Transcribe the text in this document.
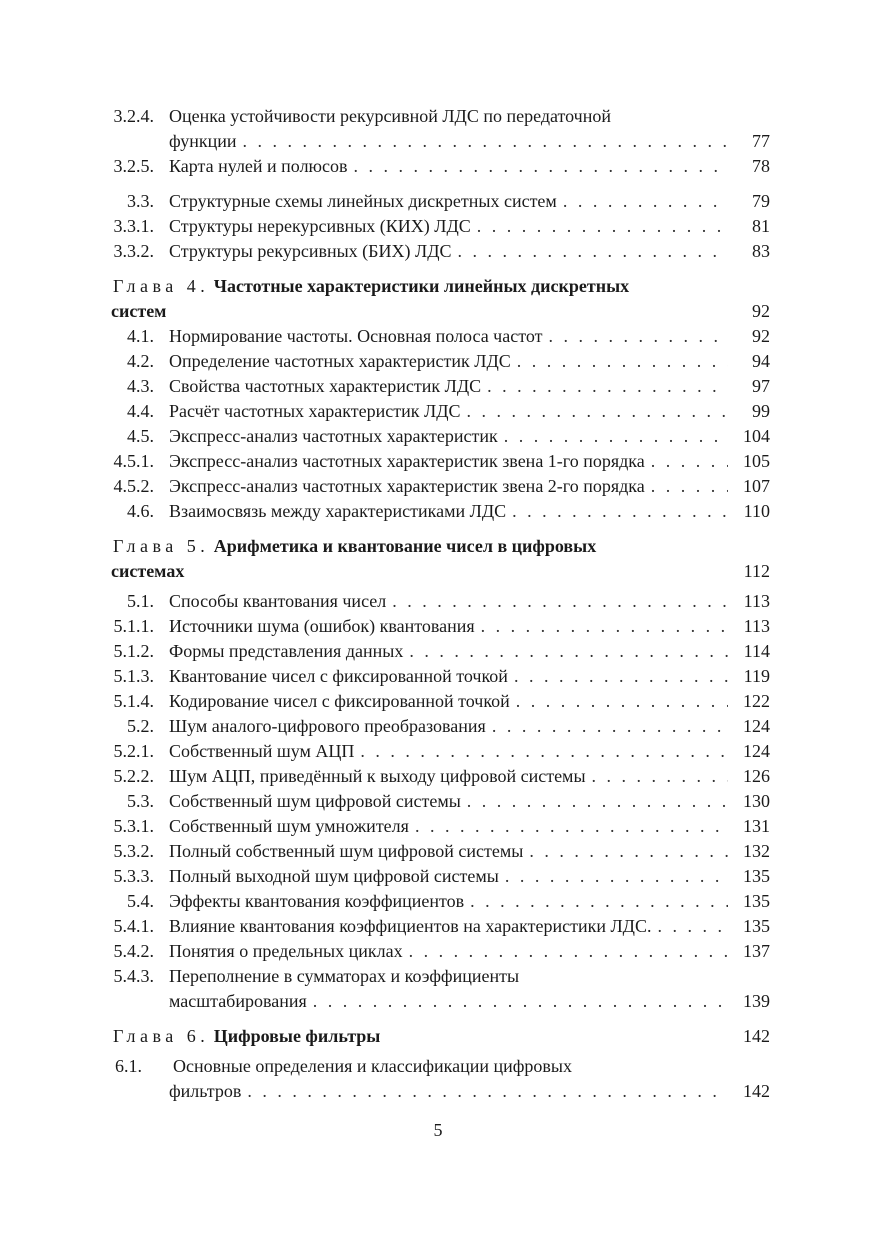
3.2.4. Оценка устойчивости рекурсивной ЛДС по передаточной
функции . . .	77
3.2.5. Карта нулей и полюсов . . .	78
3.3. Структурные схемы линейных дискретных систем . . .	79
3.3.1. Структуры нерекурсивных (КИХ) ЛДС . . .	81
3.3.2. Структуры рекурсивных (БИХ) ЛДС . . .	83
Глава 4. Частотные характеристики линейных дискретных
систем	92
4.1. Нормирование частоты. Основная полоса частот . . .	92
4.2. Определение частотных характеристик ЛДС . . .	94
4.3. Свойства частотных характеристик ЛДС . . .	97
4.4. Расчёт частотных характеристик ЛДС . . .	99
4.5. Экспресс-анализ частотных характеристик . . .	104
4.5.1. Экспресс-анализ частотных характеристик звена 1-го порядка . . .	105
4.5.2. Экспресс-анализ частотных характеристик звена 2-го порядка . . .	107
4.6. Взаимосвязь между характеристиками ЛДС . . .	110
Глава 5. Арифметика и квантование чисел в цифровых
системах	112
5.1. Способы квантования чисел . . .	113
5.1.1. Источники шума (ошибок) квантования . . .	113
5.1.2. Формы представления данных . . .	114
5.1.3. Квантование чисел с фиксированной точкой . . .	119
5.1.4. Кодирование чисел с фиксированной точкой . . .	122
5.2. Шум аналого-цифрового преобразования . . .	124
5.2.1. Собственный шум АЦП . . .	124
5.2.2. Шум АЦП, приведённый к выходу цифровой системы . . .	126
5.3. Собственный шум цифровой системы . . .	130
5.3.1. Собственный шум умножителя . . .	131
5.3.2. Полный собственный шум цифровой системы . . .	132
5.3.3. Полный выходной шум цифровой системы . . .	135
5.4. Эффекты квантования коэффициентов . . .	135
5.4.1. Влияние квантования коэффициентов на характеристики ЛДС. . . .	135
5.4.2. Понятия о предельных циклах . . .	137
5.4.3. Переполнение в сумматорах и коэффициенты
масштабирования . . .	139
Глава 6. Цифровые фильтры	142
6.1. Основные определения и классификации цифровых
фильтров . . .	142
5
